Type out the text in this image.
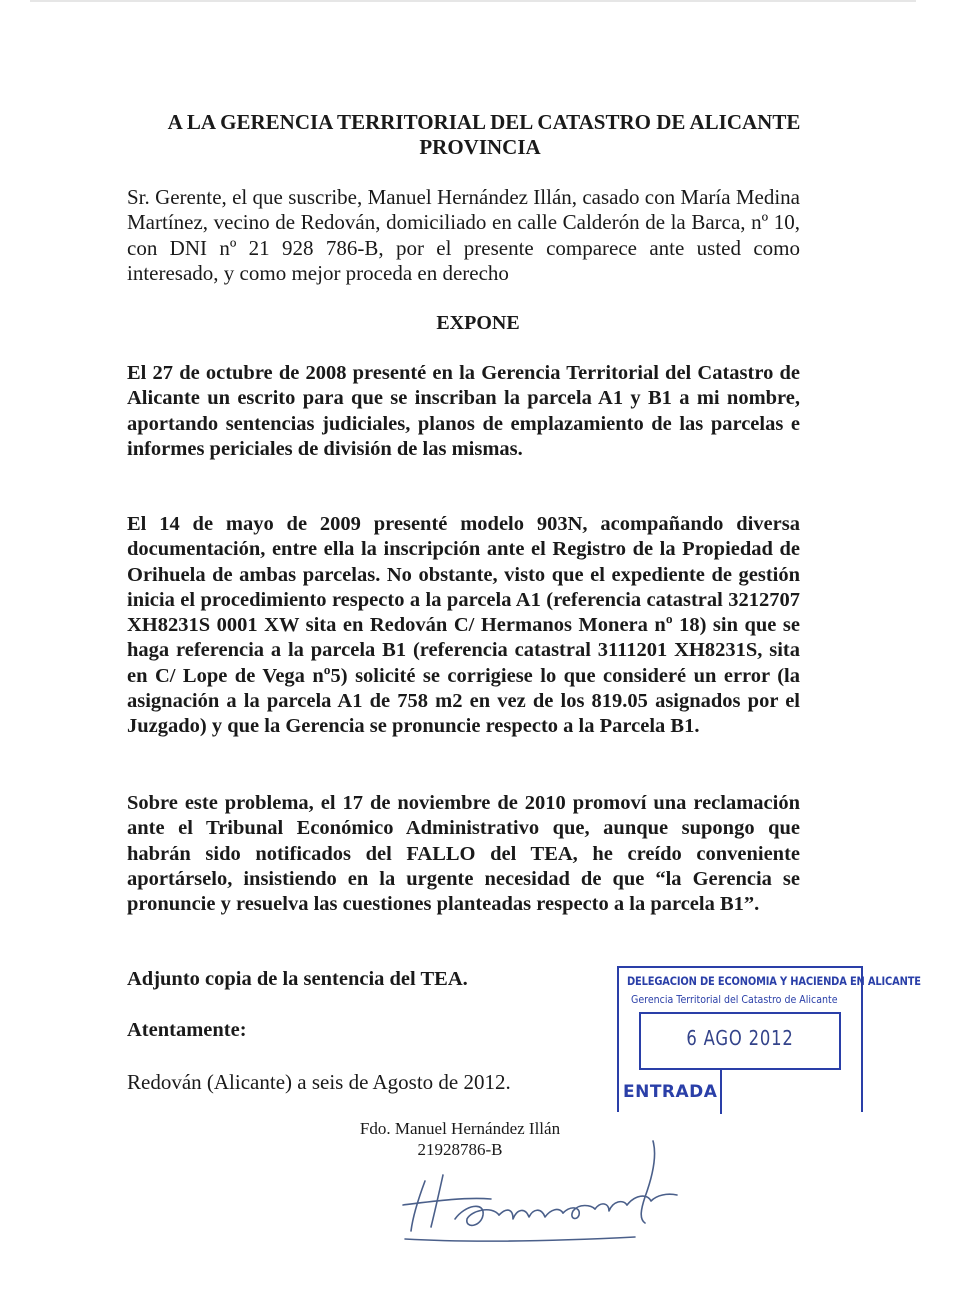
A LA GERENCIA TERRITORIAL DEL CATASTRO DE ALICANTE
PROVINCIA

Sr. Gerente, el que suscribe, Manuel Hernández Illán, casado con María Medina Martínez, vecino de Redován, domiciliado en calle Calderón de la Barca, nº 10, con DNI nº 21 928 786-B, por el presente comparece ante usted como interesado, y como mejor proceda en derecho

EXPONE

El 27 de octubre de 2008 presenté en la Gerencia Territorial del Catastro de Alicante un escrito para que se inscriban la parcela A1 y B1 a mi nombre, aportando sentencias judiciales, planos de emplazamiento de las parcelas e informes periciales de división de las mismas.

El 14 de mayo de 2009 presenté modelo 903N, acompañando diversa documentación, entre ella la inscripción ante el Registro de la Propiedad de Orihuela de ambas parcelas. No obstante, visto que el expediente de gestión inicia el procedimiento respecto a la parcela A1 (referencia catastral 3212707 XH8231S 0001 XW sita en Redován C/ Hermanos Monera nº 18) sin que se haga referencia a la parcela B1 (referencia catastral 3111201 XH8231S, sita en C/ Lope de Vega nº5) solicité se corrigiese lo que consideré un error (la asignación a la parcela A1 de 758 m2 en vez de los 819.05 asignados por el Juzgado) y que la Gerencia se pronuncie respecto a la Parcela B1.

Sobre este problema, el 17 de noviembre de 2010 promoví una reclamación ante el Tribunal Económico Administrativo que, aunque supongo que habrán sido notificados del FALLO del TEA, he creído conveniente aportárselo, insistiendo en la urgente necesidad de que “la Gerencia se pronuncie y resuelva las cuestiones planteadas respecto a la parcela B1”.

Adjunto copia de la sentencia del TEA.

Atentamente:

Redován (Alicante) a seis de Agosto de 2012.

Fdo. Manuel Hernández Illán

21928786-B

DELEGACION DE ECONOMIA Y HACIENDA EN ALICANTE
Gerencia Territorial del Catastro de Alicante
6 AGO 2012
ENTRADA
